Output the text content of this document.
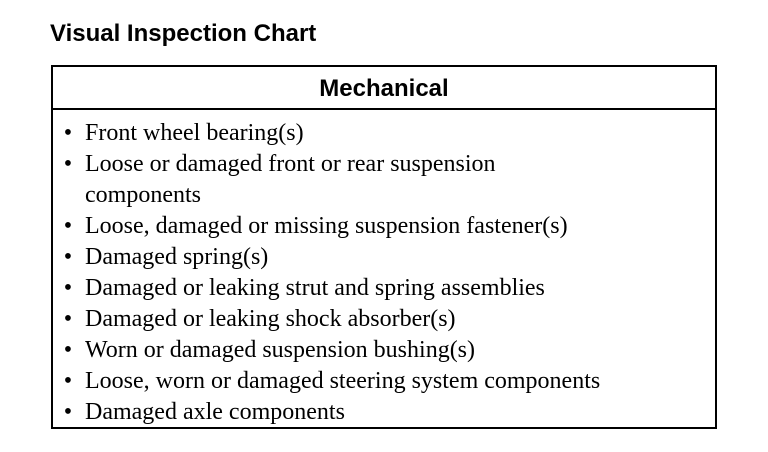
Visual Inspection Chart
Mechanical
• Front wheel bearing(s)
• Loose or damaged front or rear suspension
components
• Loose, damaged or missing suspension fastener(s)
• Damaged spring(s)
• Damaged or leaking strut and spring assemblies
• Damaged or leaking shock absorber(s)
• Worn or damaged suspension bushing(s)
• Loose, worn or damaged steering system components
• Damaged axle components
